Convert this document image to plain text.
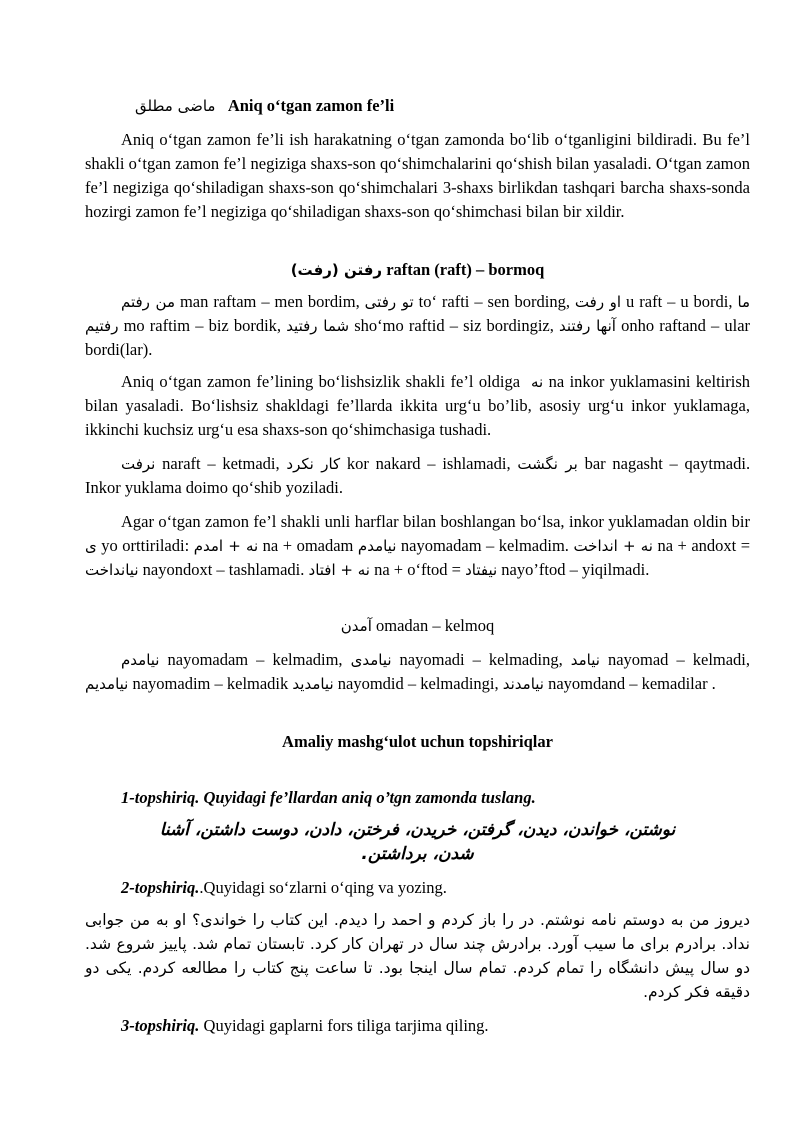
ماضی مطلق Aniq o‘tgan zamon fe’li
Aniq o‘tgan zamon fe’li ish harakatning o‘tgan zamonda bo‘lib o‘tganligini bildiradi. Bu fe’l shakli o‘tgan zamon fe’l negiziga shaxs-son qo‘shimchalarini qo‘shish bilan yasaladi. O‘tgan zamon fe’l negiziga qo‘shiladigan shaxs-son qo‘shimchalari 3-shaxs birlikdan tashqari barcha shaxs-sonda hozirgi zamon fe’l negiziga qo‘shiladigan shaxs-son qo‘shimchasi bilan bir xildir.
رفتن (رفت) raftan (raft) – bormoq
من رفتم man raftam – men bordim, تو رفتی to‘ rafti – sen bording, او رفت u raft – u bordi, ما رفتیم mo raftim – biz bordik, شما رفتید sho‘mo raftid – siz bordingiz, آنها رفتند onho raftand – ular bordi(lar).
Aniq o‘tgan zamon fe’lining bo‘lishsizlik shakli fe’l oldiga نه na inkor yuklamasini keltirish bilan yasaladi. Bo‘lishsiz shakldagi fe’llarda ikkita urg‘u bo’lib, asosiy urg‘u inkor yuklamaga, ikkinchi kuchsiz urg‘u esa shaxs-son qo‘shimchasiga tushadi.
نرفت naraft – ketmadi, کار نکرد kor nakard – ishlamadi, بر نگشت bar nagasht – qaytmadi. Inkor yuklama doimo qo‘shib yoziladi.
Agar o‘tgan zamon fe’l shakli unli harflar bilan boshlangan bo‘lsa, inkor yuklamadan oldin bir ی yo orttiriladi: نه + امدم na + omadam نیامدم nayomadam – kelmadim. نه + انداخت na + andoxt = نیانداخت nayondoxt – tashlamadi. نه + افتاد na + o‘ftod = نیفتاد nayo’ftod – yiqilmadi.
آمدن omadan – kelmoq
نیامدم nayomadam – kelmadim, نیامدی nayomadi – kelmading, نیامد nayomad – kelmadi, نیامدیم nayomadim – kelmadik نیامدید nayomdid – kelmadingi, نیامدند nayomdand – kemadilar .
Amaliy mashg‘ulot uchun topshiriqlar
1-topshiriq. Quyidagi fe’llardan aniq o’tgn zamonda tuslang.
نوشتن، خواندن، دیدن، گرفتن، خریدن، فرختن، دادن، دوست داشتن، آشنا
شدن، برداشتن.
2-topshiriq..Quyidagi so‘zlarni o‘qing va yozing.
دیروز من به دوستم نامه نوشتم. در را باز کردم و احمد را دیدم. این کتاب را خواندی؟ او به من جوابی نداد. برادرم برای ما سیب آورد. برادرش چند سال در تهران کار کرد. تابستان تمام شد. پاییز شروع شد. دو سال پیش دانشگاه را تمام کردم. تمام سال اینجا بود. تا ساعت پنج کتاب را مطالعه کردم. یکی دو دقیقه فکر کردم.
3-topshiriq. Quyidagi gaplarni fors tiliga tarjima qiling.
